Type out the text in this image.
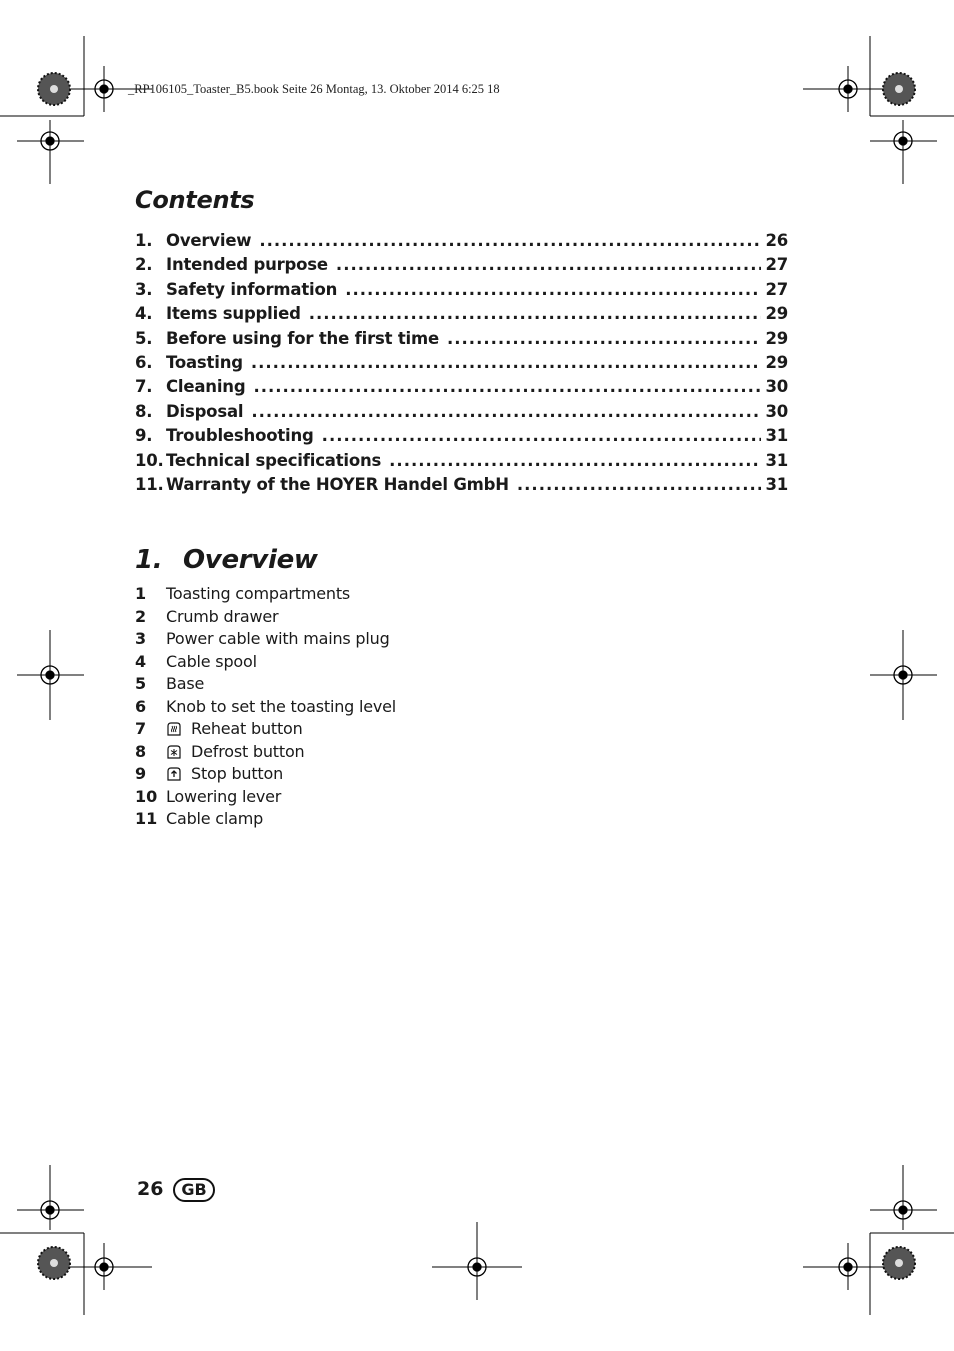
_RP106105_Toaster_B5.book Seite 26 Montag, 13. Oktober 2014 6:25 18
Contents
1. Overview .....	26
2. Intended purpose .....	27
3. Safety information .....	27
4. Items supplied .....	29
5. Before using for the first time .....	29
6. Toasting .....	29
7. Cleaning .....	30
8. Disposal .....	30
9. Troubleshooting .....	31
10. Technical specifications .....	31
11. Warranty of the HOYER Handel GmbH .....	31
1. Overview
1	Toasting compartments
2	Crumb drawer
3	Power cable with mains plug
4	Cable spool
5	Base
6	Knob to set the toasting level
7	Reheat button
8	Defrost button
9	Stop button
10 Lowering lever
11 Cable clamp
26	GB
